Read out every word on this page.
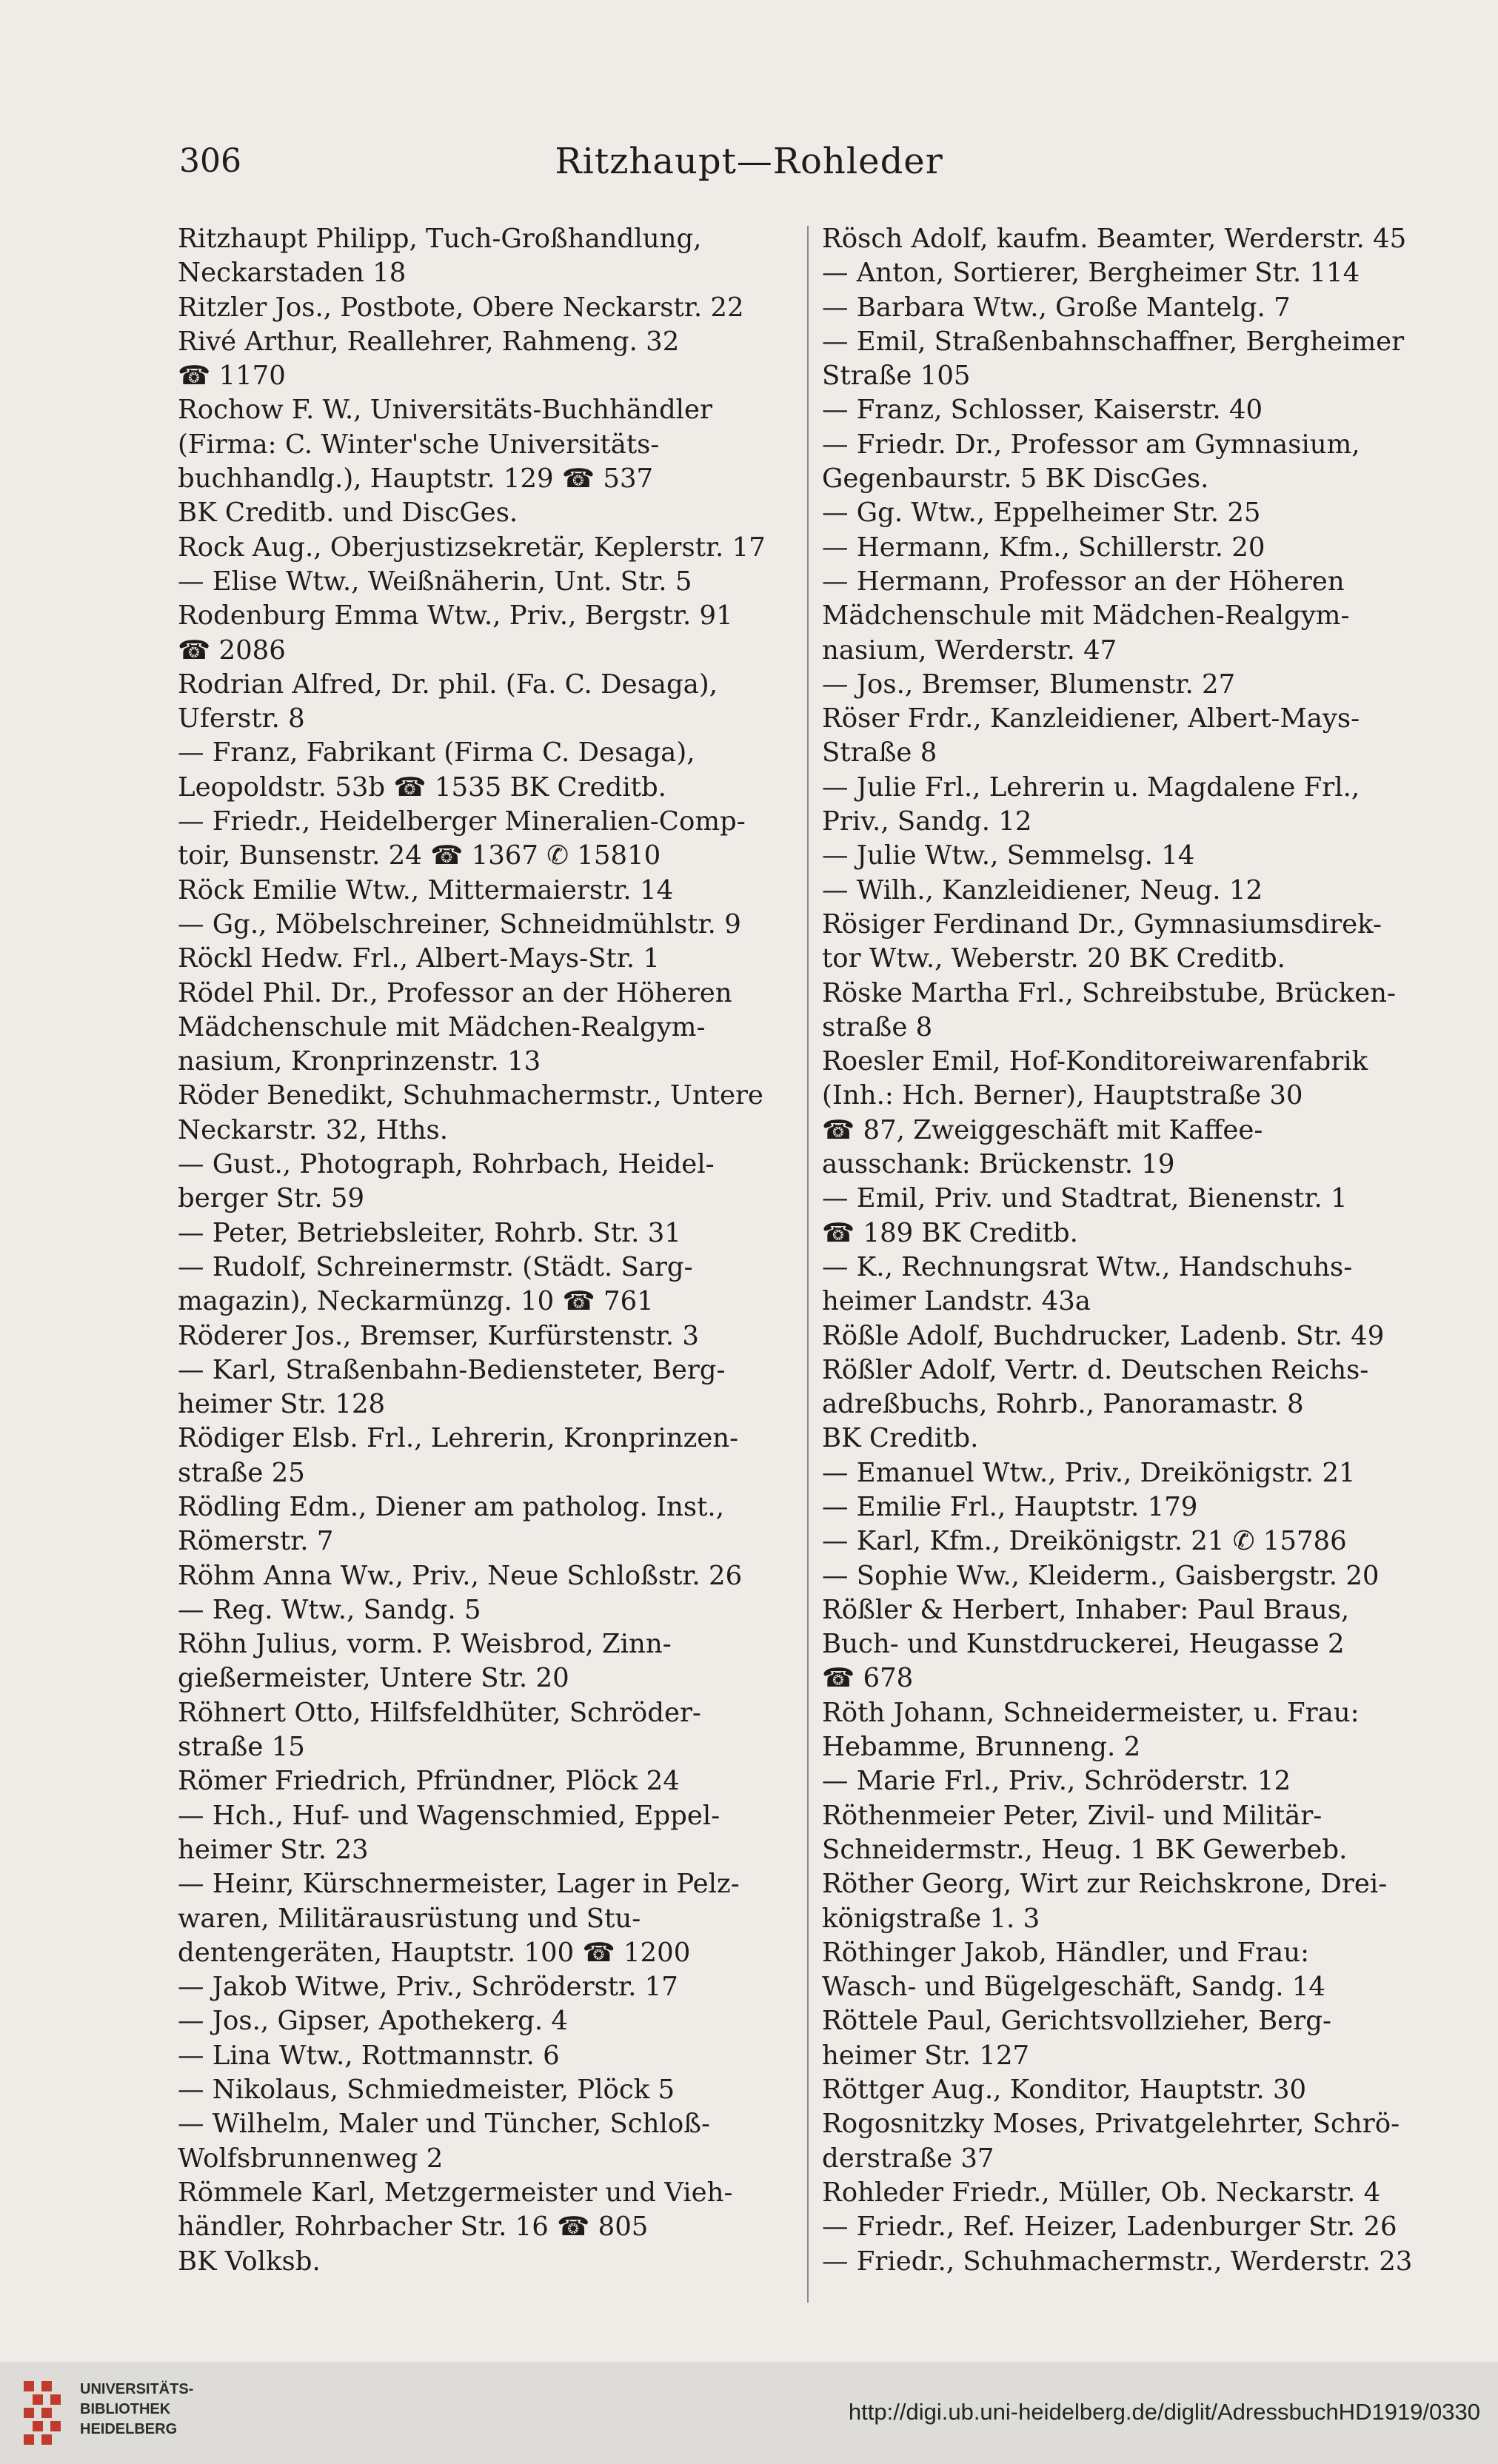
306	Ritzhaupt—Rohleder
Ritzhaupt Philipp, Tuch-Großhandlung,
Neckarstaden 18
Ritzler Jos., Postbote, Obere Neckarstr. 22
Rivé Arthur, Reallehrer, Rahmeng. 32
☎ 1170
Rochow F. W., Universitäts-Buchhändler
(Firma: C. Winter'sche Universitäts-
buchhandlg.), Hauptstr. 129 ☎ 537
BK Creditb. und DiscGes.
Rock Aug., Oberjustizsekretär, Keplerstr. 17
— Elise Wtw., Weißnäherin, Unt. Str. 5
Rodenburg Emma Wtw., Priv., Bergstr. 91
☎ 2086
Rodrian Alfred, Dr. phil. (Fa. C. Desaga),
Uferstr. 8
— Franz, Fabrikant (Firma C. Desaga),
Leopoldstr. 53b ☎ 1535 BK Creditb.
— Friedr., Heidelberger Mineralien-Comp-
toir, Bunsenstr. 24 ☎ 1367 ✆ 15810
Röck Emilie Wtw., Mittermaierstr. 14
— Gg., Möbelschreiner, Schneidmühlstr. 9
Röckl Hedw. Frl., Albert-Mays-Str. 1
Rödel Phil. Dr., Professor an der Höheren
Mädchenschule mit Mädchen-Realgym-
nasium, Kronprinzenstr. 13
Röder Benedikt, Schuhmachermstr., Untere
Neckarstr. 32, Hths.
— Gust., Photograph, Rohrbach, Heidel-
berger Str. 59
— Peter, Betriebsleiter, Rohrb. Str. 31
— Rudolf, Schreinermstr. (Städt. Sarg-
magazin), Neckarmünzg. 10 ☎ 761
Röderer Jos., Bremser, Kurfürstenstr. 3
— Karl, Straßenbahn-Bediensteter, Berg-
heimer Str. 128
Rödiger Elsb. Frl., Lehrerin, Kronprinzen-
straße 25
Rödling Edm., Diener am patholog. Inst.,
Römerstr. 7
Röhm Anna Ww., Priv., Neue Schloßstr. 26
— Reg. Wtw., Sandg. 5
Röhn Julius, vorm. P. Weisbrod, Zinn-
gießermeister, Untere Str. 20
Röhnert Otto, Hilfsfeldhüter, Schröder-
straße 15
Römer Friedrich, Pfründner, Plöck 24
— Hch., Huf- und Wagenschmied, Eppel-
heimer Str. 23
— Heinr, Kürschnermeister, Lager in Pelz-
waren, Militärausrüstung und Stu-
dentengeräten, Hauptstr. 100 ☎ 1200
— Jakob Witwe, Priv., Schröderstr. 17
— Jos., Gipser, Apothekerg. 4
— Lina Wtw., Rottmannstr. 6
— Nikolaus, Schmiedmeister, Plöck 5
— Wilhelm, Maler und Tüncher, Schloß-
Wolfsbrunnenweg 2
Römmele Karl, Metzgermeister und Vieh-
händler, Rohrbacher Str. 16 ☎ 805
BK Volksb.
Rösch Adolf, kaufm. Beamter, Werderstr. 45
— Anton, Sortierer, Bergheimer Str. 114
— Barbara Wtw., Große Mantelg. 7
— Emil, Straßenbahnschaffner, Bergheimer
Straße 105
— Franz, Schlosser, Kaiserstr. 40
— Friedr. Dr., Professor am Gymnasium,
Gegenbaurstr. 5 BK DiscGes.
— Gg. Wtw., Eppelheimer Str. 25
— Hermann, Kfm., Schillerstr. 20
— Hermann, Professor an der Höheren
Mädchenschule mit Mädchen-Realgym-
nasium, Werderstr. 47
— Jos., Bremser, Blumenstr. 27
Röser Frdr., Kanzleidiener, Albert-Mays-
Straße 8
— Julie Frl., Lehrerin u. Magdalene Frl.,
Priv., Sandg. 12
— Julie Wtw., Semmelsg. 14
— Wilh., Kanzleidiener, Neug. 12
Rösiger Ferdinand Dr., Gymnasiumsdirek-
tor Wtw., Weberstr. 20 BK Creditb.
Röske Martha Frl., Schreibstube, Brücken-
straße 8
Roesler Emil, Hof-Konditoreiwarenfabrik
(Inh.: Hch. Berner), Hauptstraße 30
☎ 87, Zweiggeschäft mit Kaffee-
ausschank: Brückenstr. 19
— Emil, Priv. und Stadtrat, Bienenstr. 1
☎ 189 BK Creditb.
— K., Rechnungsrat Wtw., Handschuhs-
heimer Landstr. 43a
Rößle Adolf, Buchdrucker, Ladenb. Str. 49
Rößler Adolf, Vertr. d. Deutschen Reichs-
adreßbuchs, Rohrb., Panoramastr. 8
BK Creditb.
— Emanuel Wtw., Priv., Dreikönigstr. 21
— Emilie Frl., Hauptstr. 179
— Karl, Kfm., Dreikönigstr. 21 ✆ 15786
— Sophie Ww., Kleiderm., Gaisbergstr. 20
Rößler & Herbert, Inhaber: Paul Braus,
Buch- und Kunstdruckerei, Heugasse 2
☎ 678
Röth Johann, Schneidermeister, u. Frau:
Hebamme, Brunneng. 2
— Marie Frl., Priv., Schröderstr. 12
Röthenmeier Peter, Zivil- und Militär-
Schneidermstr., Heug. 1 BK Gewerbeb.
Röther Georg, Wirt zur Reichskrone, Drei-
königstraße 1. 3
Röthinger Jakob, Händler, und Frau:
Wasch- und Bügelgeschäft, Sandg. 14
Röttele Paul, Gerichtsvollzieher, Berg-
heimer Str. 127
Röttger Aug., Konditor, Hauptstr. 30
Rogosnitzky Moses, Privatgelehrter, Schrö-
derstraße 37
Rohleder Friedr., Müller, Ob. Neckarstr. 4
— Friedr., Ref. Heizer, Ladenburger Str. 26
— Friedr., Schuhmachermstr., Werderstr. 23
UNIVERSITÄTS-
BIBLIOTHEK
HEIDELBERG
http://digi.ub.uni-heidelberg.de/diglit/AdressbuchHD1919/0330
